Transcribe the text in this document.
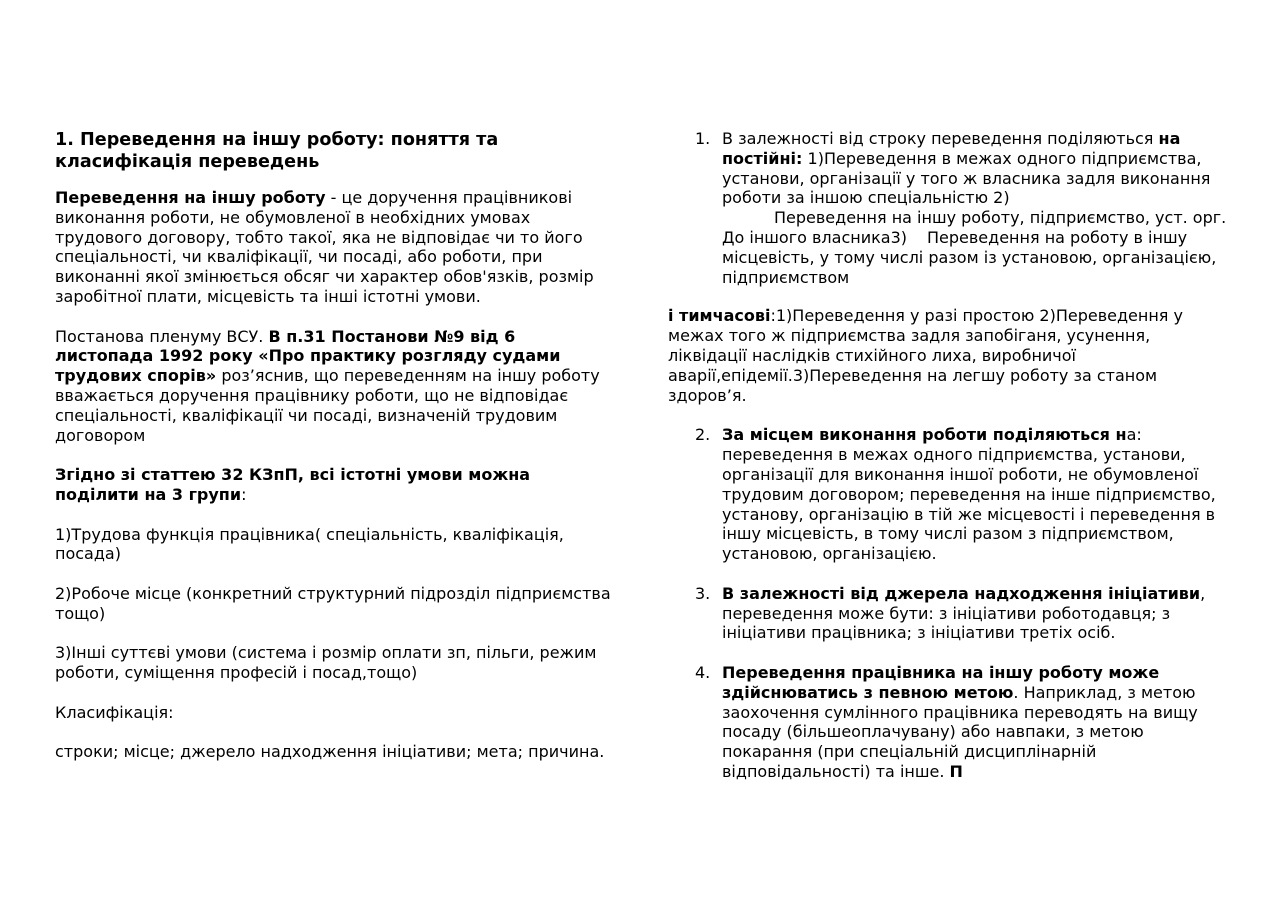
1. Переведення на іншу роботу: поняття та класифікація переведень

Переведення на іншу роботу - це доручення працівникові виконання роботи, не обумовленої в необхідних умовах трудового договору, тобто такої, яка не відповідає чи то його спеціальності, чи кваліфікації, чи посаді, або роботи, при виконанні якої змінюється обсяг чи характер обов'язків, розмір заробітної плати, місцевість та інші істотні умови.

Постанова пленуму ВСУ. В п.31 Постанови №9 від 6 листопада 1992 року «Про практику розгляду судами трудових спорів» роз’яснив, що переведенням на іншу роботу вважається доручення працівнику роботи, що не відповідає спеціальності, кваліфікації чи посаді, визначеній трудовим договором

Згідно зі статтею 32 КЗпП, всі істотні умови можна поділити на 3 групи:

1)Трудова функція працівника( спеціальність, кваліфікація, посада)

2)Робоче місце (конкретний структурний підрозділ підприємства тощо)

3)Інші суттєві умови (система і розмір оплати зп, пільги, режим роботи, суміщення професій і посад,тощо)

Класифікація:

строки; місце; джерело надходження ініціативи; мета; причина.

1. В залежності від строку переведення поділяються на постійні: 1)Переведення в межах одного підприємства, установи, організації у того ж власника задля виконання роботи за іншою спеціальністю 2)
Переведення на іншу роботу, підприємство, уст. орг. До іншого власника3) Переведення на роботу в іншу місцевість, у тому числі разом із установою, організацією, підприємством

і тимчасові:1)Переведення у разі простою 2)Переведення у межах того ж підприємства задля запобіганя, усунення, ліквідації наслідків стихійного лиха, виробничої аварії,епідемії.3)Переведення на легшу роботу за станом здоров’я.

2. За місцем виконання роботи поділяються на: переведення в межах одного підприємства, установи, організації для виконання іншої роботи, не обумовленої трудовим договором; переведення на інше підприємство, установу, організацію в тій же місцевості і переведення в іншу місцевість, в тому числі разом з підприємством, установою, організацією.
3. В залежності від джерела надходження ініціативи, переведення може бути: з ініціативи роботодавця; з ініціативи працівника; з ініціативи третіх осіб.
4. Переведення працівника на іншу роботу може здійснюватись з певною метою. Наприклад, з метою заохочення сумлінного працівника переводять на вищу посаду (більшеоплачувану) або навпаки, з метою покарання (при спеціальній дисциплінарній відповідальності) та інше. П
